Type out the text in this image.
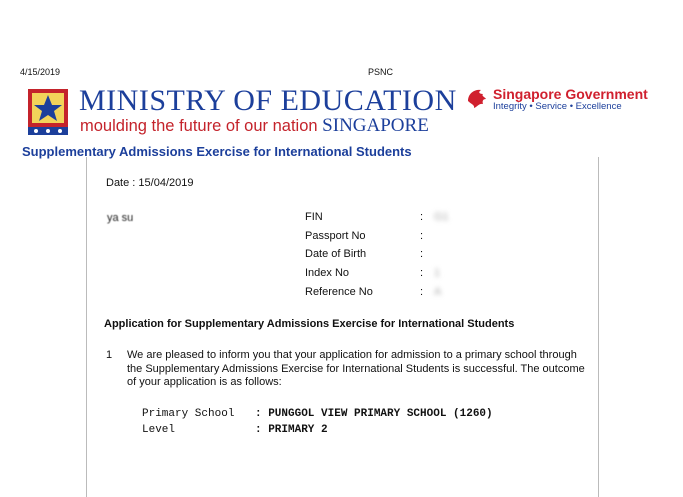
4/15/2019	PSNC
MINISTRY OF EDUCATION
moulding the future of our nation SINGAPORE
Singapore Government
Integrity • Service • Excellence
Supplementary Admissions Exercise for International Students
Date : 15/04/2019
ya su	FIN	: G1
Passport No	:
Date of Birth	:
Index No	: 1
Reference No	: A
Application for Supplementary Admissions Exercise for International Students
1 We are pleased to inform you that your application for admission to a primary school through the Supplementary Admissions Exercise for International Students is successful. The outcome of your application is as follows:
Primary School : PUNGGOL VIEW PRIMARY SCHOOL (1260)
Level	: PRIMARY 2
